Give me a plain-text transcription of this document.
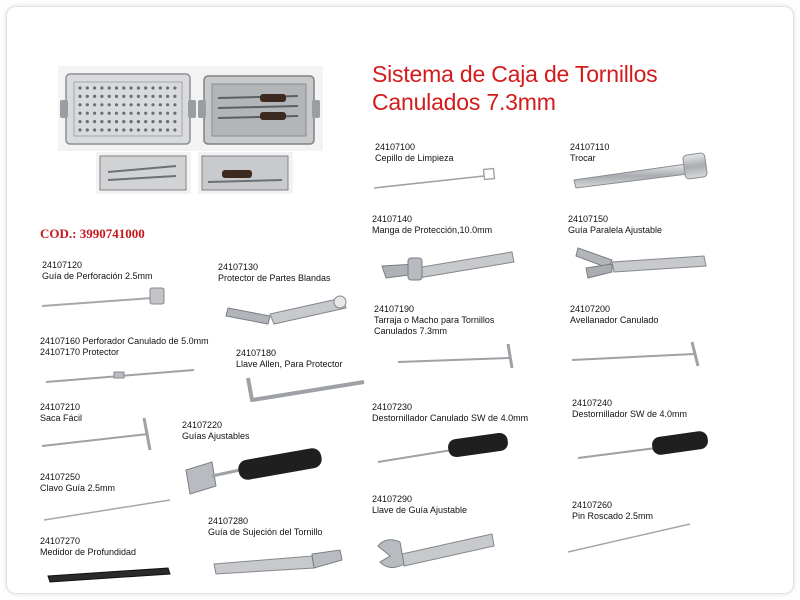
Sistema de Caja de Tornillos
Canulados 7.3mm
COD.: 3990741000
24107100
Cepillo de Limpieza
24107110
Trocar
24107140
Manga de Protección,10.0mm
24107150
Guía Paralela Ajustable
24107120
Guía de Perforación 2.5mm
24107130
Protector de Partes Blandas
24107190
Tarraja o Macho para Tornillos
Canulados 7.3mm
24107200
Avellanador Canulado
24107160 Perforador Canulado de 5.0mm
24107170 Protector	24107180
Llave Allen, Para Protector
24107210
Saca Fácil
24107220
Guías Ajustables
24107230
Destornillador Canulado SW de 4.0mm
24107240
Destornillador SW de 4.0mm
24107250
Clavo Guía 2.5mm
24107290
Llave de Guía Ajustable	24107260
Pin Roscado 2.5mm
24107280
Guía de Sujeción del Tornillo
24107270
Medidor de Profundidad
